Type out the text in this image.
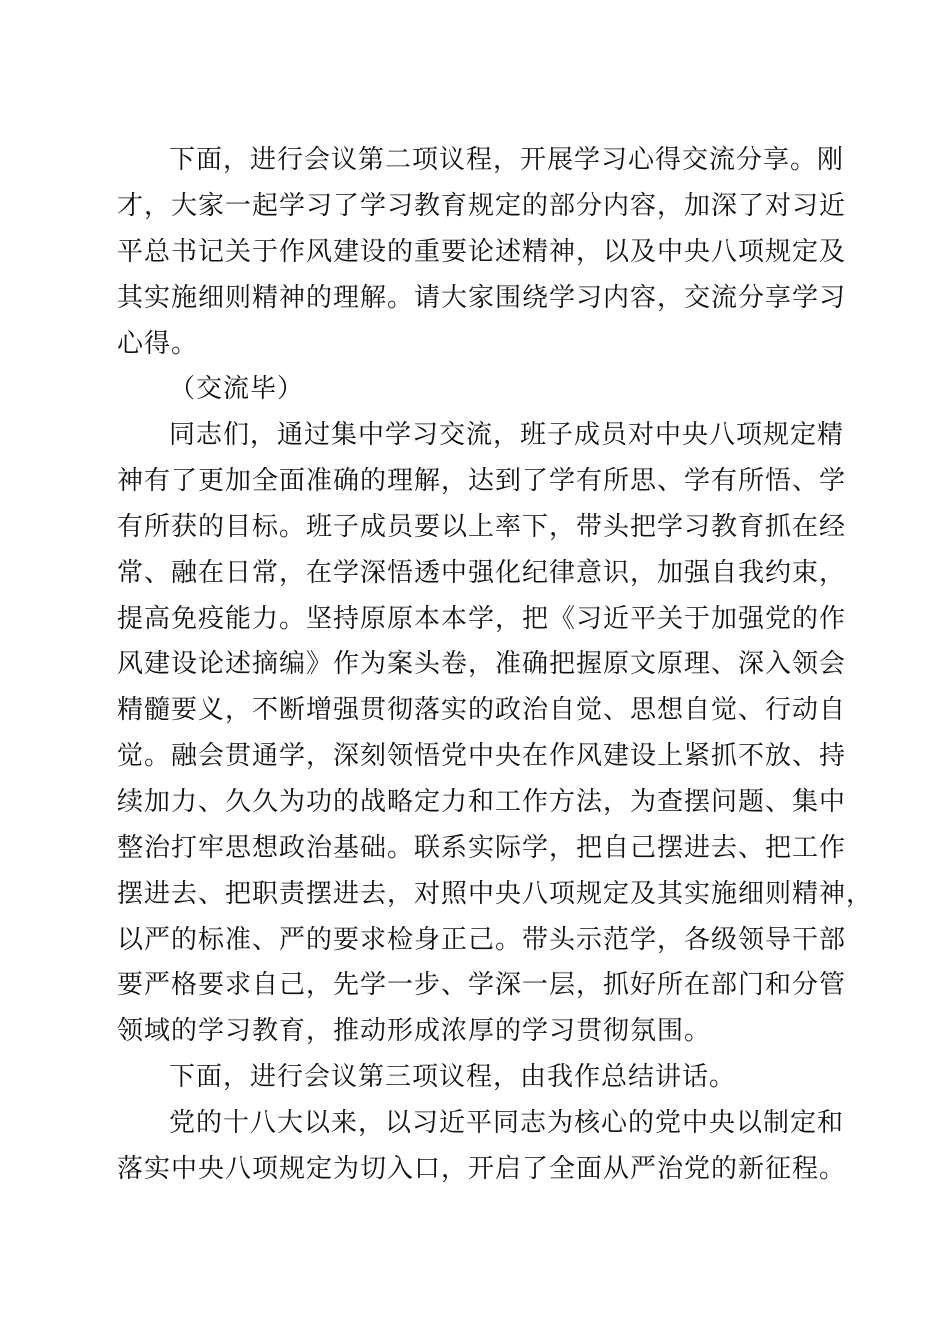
下面，进行会议第二项议程，开展学习心得交流分享。刚
才，大家一起学习了学习教育规定的部分内容，加深了对习近
平总书记关于作风建设的重要论述精神，以及中央八项规定及
其实施细则精神的理解。请大家围绕学习内容，交流分享学习
心得。
（交流毕）
同志们，通过集中学习交流，班子成员对中央八项规定精
神有了更加全面准确的理解，达到了学有所思、学有所悟、学
有所获的目标。班子成员要以上率下，带头把学习教育抓在经
常、融在日常，在学深悟透中强化纪律意识，加强自我约束，
提高免疫能力。坚持原原本本学，把《习近平关于加强党的作
风建设论述摘编》作为案头卷，准确把握原文原理、深入领会
精髓要义，不断增强贯彻落实的政治自觉、思想自觉、行动自
觉。融会贯通学，深刻领悟党中央在作风建设上紧抓不放、持
续加力、久久为功的战略定力和工作方法，为查摆问题、集中
整治打牢思想政治基础。联系实际学，把自己摆进去、把工作
摆进去、把职责摆进去，对照中央八项规定及其实施细则精神，
以严的标准、严的要求检身正己。带头示范学，各级领导干部
要严格要求自己，先学一步、学深一层，抓好所在部门和分管
领域的学习教育，推动形成浓厚的学习贯彻氛围。
下面，进行会议第三项议程，由我作总结讲话。
党的十八大以来，以习近平同志为核心的党中央以制定和
落实中央八项规定为切入口，开启了全面从严治党的新征程。
